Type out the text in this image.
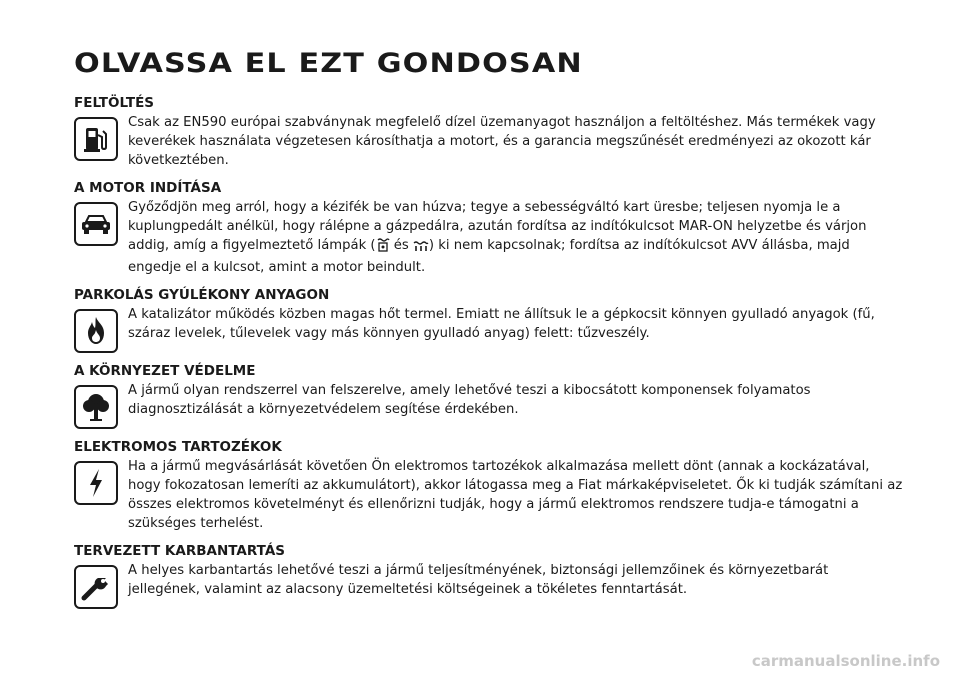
OLVASSA EL EZT GONDOSAN
FELTÖLTÉS

Csak az EN590 európai szabványnak megfelelő dízel üzemanyagot használjon a feltöltéshez. Más termékek vagy keverékek használata végzetesen károsíthatja a motort, és a garancia megszűnését eredményezi az okozott kár következtében.

A MOTOR INDÍTÁSA

Győződjön meg arról, hogy a kézifék be van húzva; tegye a sebességváltó kart üresbe; teljesen nyomja le a kuplungpedált anélkül, hogy rálépne a gázpedálra, azután fordítsa az indítókulcsot MAR-ON helyzetbe és várjon addig, amíg a figyelmeztető lámpák ( és ) ki nem kapcsolnak; fordítsa az indítókulcsot AVV állásba, majd engedje el a kulcsot, amint a motor beindult.

PARKOLÁS GYÚLÉKONY ANYAGON

A katalizátor működés közben magas hőt termel. Emiatt ne állítsuk le a gépkocsit könnyen gyulladó anyagok (fű, száraz levelek, tűlevelek vagy más könnyen gyulladó anyag) felett: tűzveszély.

A KÖRNYEZET VÉDELME

A jármű olyan rendszerrel van felszerelve, amely lehetővé teszi a kibocsátott komponensek folyamatos diagnosztizálását a környezetvédelem segítése érdekében.

ELEKTROMOS TARTOZÉKOK

Ha a jármű megvásárlását követően Ön elektromos tartozékok alkalmazása mellett dönt (annak a kockázatával, hogy fokozatosan lemeríti az akkumulátort), akkor látogassa meg a Fiat márkaképviseletet. Ők ki tudják számítani az összes elektromos követelményt és ellenőrizni tudják, hogy a jármű elektromos rendszere tudja-e támogatni a szükséges terhelést.

TERVEZETT KARBANTARTÁS

A helyes karbantartás lehetővé teszi a jármű teljesítményének, biztonsági jellemzőinek és környezetbarát jellegének, valamint az alacsony üzemeltetési költségeinek a tökéletes fenntartását.

carmanualsonline.info
